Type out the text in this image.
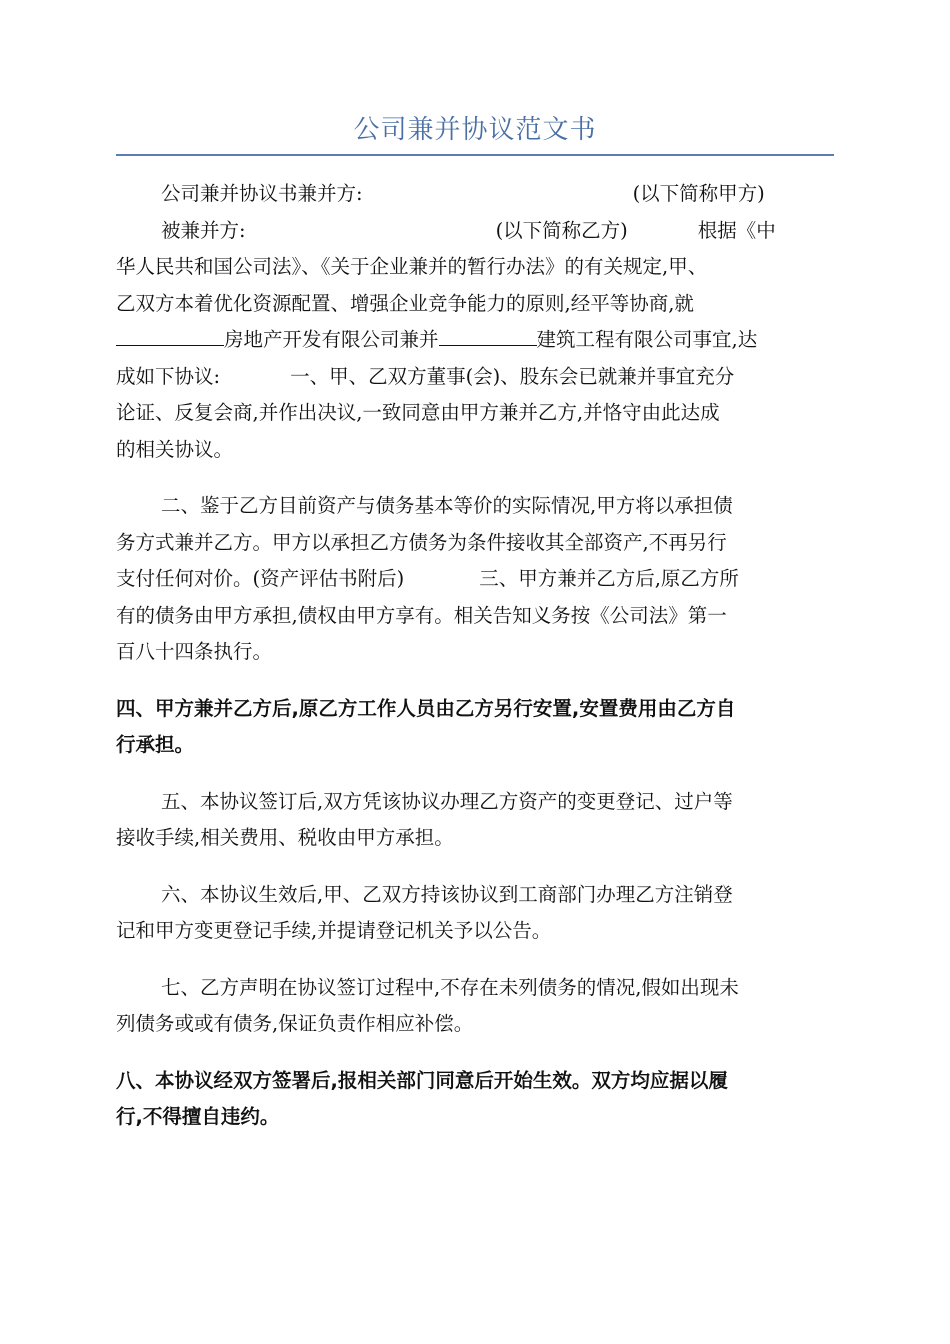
公司兼并协议范文书
公司兼并协议书兼并方:	(以下简称甲方)
被兼并方:	(以下简称乙方)	根据《中
华人民共和国公司法》、《关于企业兼并的暂行办法》的有关规定,甲、
乙双方本着优化资源配置、增强企业竞争能力的原则,经平等协商,就
房地产开发有限公司兼并	建筑工程有限公司事宜,达
成如下协议:	一、甲、乙双方董事(会)、股东会已就兼并事宜充分
论证、反复会商,并作出决议,一致同意由甲方兼并乙方,并恪守由此达成
的相关协议。
二、鉴于乙方目前资产与债务基本等价的实际情况,甲方将以承担债
务方式兼并乙方。甲方以承担乙方债务为条件接收其全部资产,不再另行
支付任何对价。(资产评估书附后)	三、甲方兼并乙方后,原乙方所
有的债务由甲方承担,债权由甲方享有。相关告知义务按《公司法》第一
百八十四条执行。
四、甲方兼并乙方后,原乙方工作人员由乙方另行安置,安置费用由乙方自
行承担。
五、本协议签订后,双方凭该协议办理乙方资产的变更登记、过户等
接收手续,相关费用、税收由甲方承担。
六、本协议生效后,甲、乙双方持该协议到工商部门办理乙方注销登
记和甲方变更登记手续,并提请登记机关予以公告。
七、乙方声明在协议签订过程中,不存在未列债务的情况,假如出现未
列债务或或有债务,保证负责作相应补偿。
八、本协议经双方签署后,报相关部门同意后开始生效。双方均应据以履
行,不得擅自违约。
